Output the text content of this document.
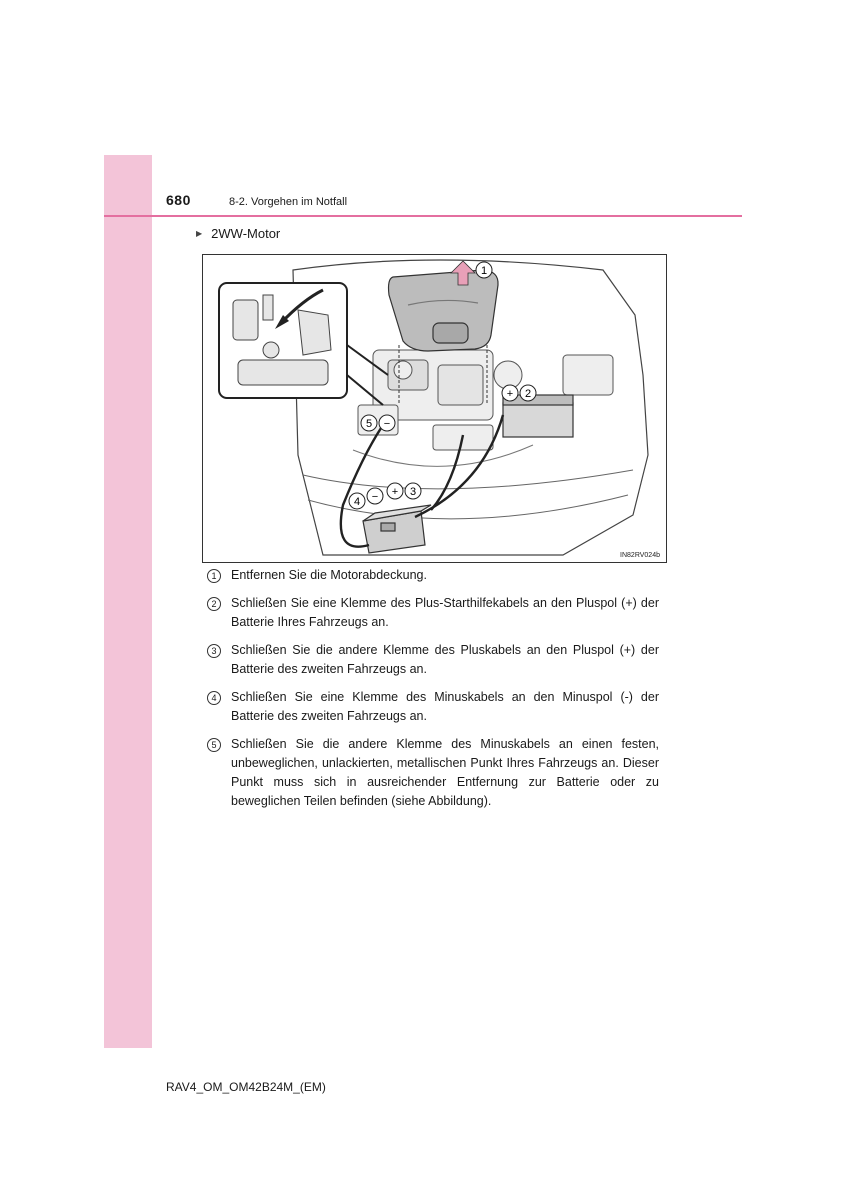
680	8-2. Vorgehen im Notfall
▶ 2WW-Motor
1
+ 2
5 −
4 − + 3
IN82RV024b
1	Entfernen Sie die Motorabdeckung.
2	Schließen Sie eine Klemme des Plus-Starthilfekabels an den Pluspol (+) der Batterie Ihres Fahrzeugs an.
3	Schließen Sie die andere Klemme des Pluskabels an den Pluspol (+) der Batterie des zweiten Fahrzeugs an.
4	Schließen Sie eine Klemme des Minuskabels an den Minuspol (-) der Batterie des zweiten Fahrzeugs an.
5	Schließen Sie die andere Klemme des Minuskabels an einen festen, unbeweglichen, unlackierten, metallischen Punkt Ihres Fahrzeugs an. Dieser Punkt muss sich in ausreichender Entfernung zur Batterie oder zu beweglichen Teilen befinden (siehe Abbildung).
RAV4_OM_OM42B24M_(EM)
